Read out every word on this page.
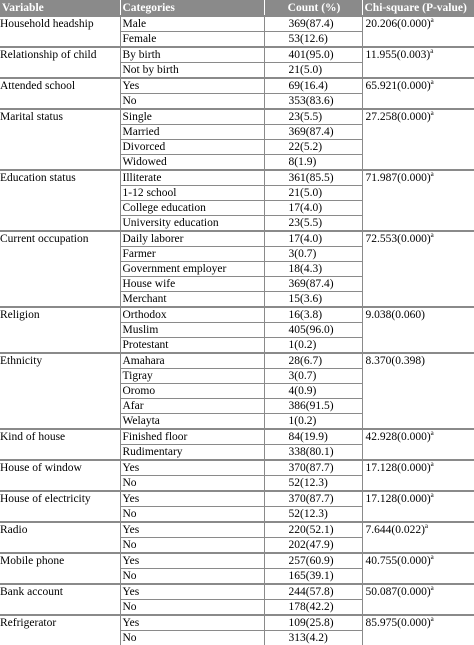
Variable	Categories	Count (%)	Chi-square (P-value)
Household headship	Male	369(87.4)	$20.206(0.000)^a$
	Female	53(12.6)	
Relationship of child	By birth	401(95.0)	$11.955(0.003)^a$
	Not by birth	21(5.0)	
Attended school	Yes	69(16.4)	$65.921(0.000)^a$
	No	353(83.6)	
Marital status	Single	23(5.5)	$27.258(0.000)^a$
	Married	369(87.4)	
	Divorced	22(5.2)	
	Widowed	8(1.9)	
Education status	Illiterate	361(85.5)	$71.987(0.000)^a$
	1-12 school	21(5.0)	
	College education	17(4.0)	
	University education	23(5.5)	
Current occupation	Daily laborer	17(4.0)	$72.553(0.000)^a$
	Farmer	3(0.7)	
	Government employer	18(4.3)	
	House wife	369(87.4)	
	Merchant	15(3.6)	
Religion	Orthodox	16(3.8)	9.038(0.060)
	Muslim	405(96.0)	
	Protestant	1(0.2)	
Ethnicity	Amahara	28(6.7)	8.370(0.398)
	Tigray	3(0.7)	
	Oromo	4(0.9)	
	Afar	386(91.5)	
	Welayta	1(0.2)	
Kind of house	Finished floor	84(19.9)	$42.928(0.000)^a$
	Rudimentary	338(80.1)	
House of window	Yes	370(87.7)	$17.128(0.000)^a$
	No	52(12.3)	
House of electricity	Yes	370(87.7)	$17.128(0.000)^a$
	No	52(12.3)	
Radio	Yes	220(52.1)	$7.644(0.022)^a$
	No	202(47.9)	
Mobile phone	Yes	257(60.9)	$40.755(0.000)^a$
	No	165(39.1)	
Bank account	Yes	244(57.8)	$50.087(0.000)^a$
	No	178(42.2)	
Refrigerator	Yes	109(25.8)	$85.975(0.000)^a$
	No	313(4.2)	
